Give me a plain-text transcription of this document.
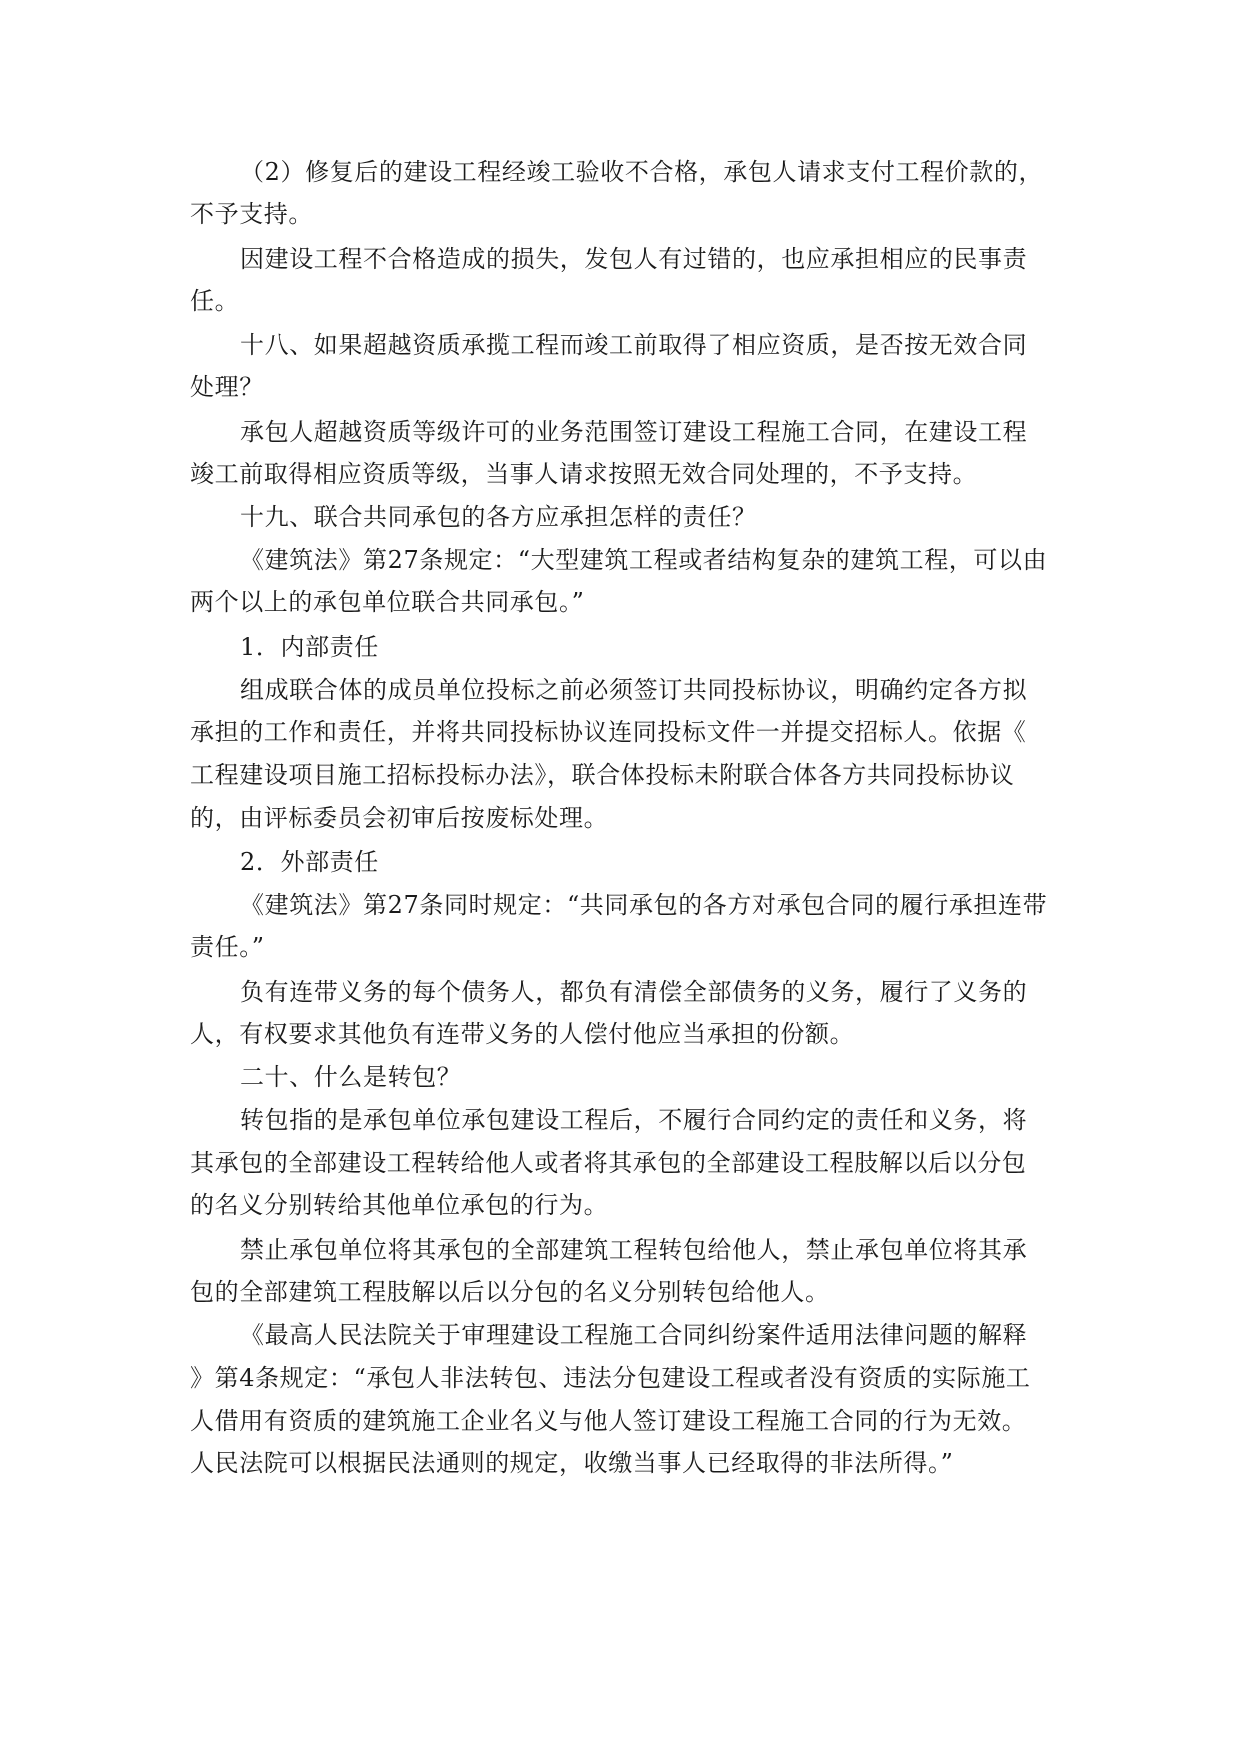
（2）修复后的建设工程经竣工验收不合格，承包人请求支付工程价款的，
不予支持。
因建设工程不合格造成的损失，发包人有过错的，也应承担相应的民事责
任。
十八、如果超越资质承揽工程而竣工前取得了相应资质，是否按无效合同
处理？
承包人超越资质等级许可的业务范围签订建设工程施工合同，在建设工程
竣工前取得相应资质等级，当事人请求按照无效合同处理的，不予支持。
十九、联合共同承包的各方应承担怎样的责任？
《建筑法》第27条规定：“大型建筑工程或者结构复杂的建筑工程，可以由
两个以上的承包单位联合共同承包。”
1．内部责任
组成联合体的成员单位投标之前必须签订共同投标协议，明确约定各方拟
承担的工作和责任，并将共同投标协议连同投标文件一并提交招标人。依据《
工程建设项目施工招标投标办法》，联合体投标未附联合体各方共同投标协议
的，由评标委员会初审后按废标处理。
2．外部责任
《建筑法》第27条同时规定：“共同承包的各方对承包合同的履行承担连带
责任。”
负有连带义务的每个债务人，都负有清偿全部债务的义务，履行了义务的
人，有权要求其他负有连带义务的人偿付他应当承担的份额。
二十、什么是转包？
转包指的是承包单位承包建设工程后，不履行合同约定的责任和义务，将
其承包的全部建设工程转给他人或者将其承包的全部建设工程肢解以后以分包
的名义分别转给其他单位承包的行为。
禁止承包单位将其承包的全部建筑工程转包给他人，禁止承包单位将其承
包的全部建筑工程肢解以后以分包的名义分别转包给他人。
《最高人民法院关于审理建设工程施工合同纠纷案件适用法律问题的解释
》第4条规定：“承包人非法转包、违法分包建设工程或者没有资质的实际施工
人借用有资质的建筑施工企业名义与他人签订建设工程施工合同的行为无效。
人民法院可以根据民法通则的规定，收缴当事人已经取得的非法所得。”
